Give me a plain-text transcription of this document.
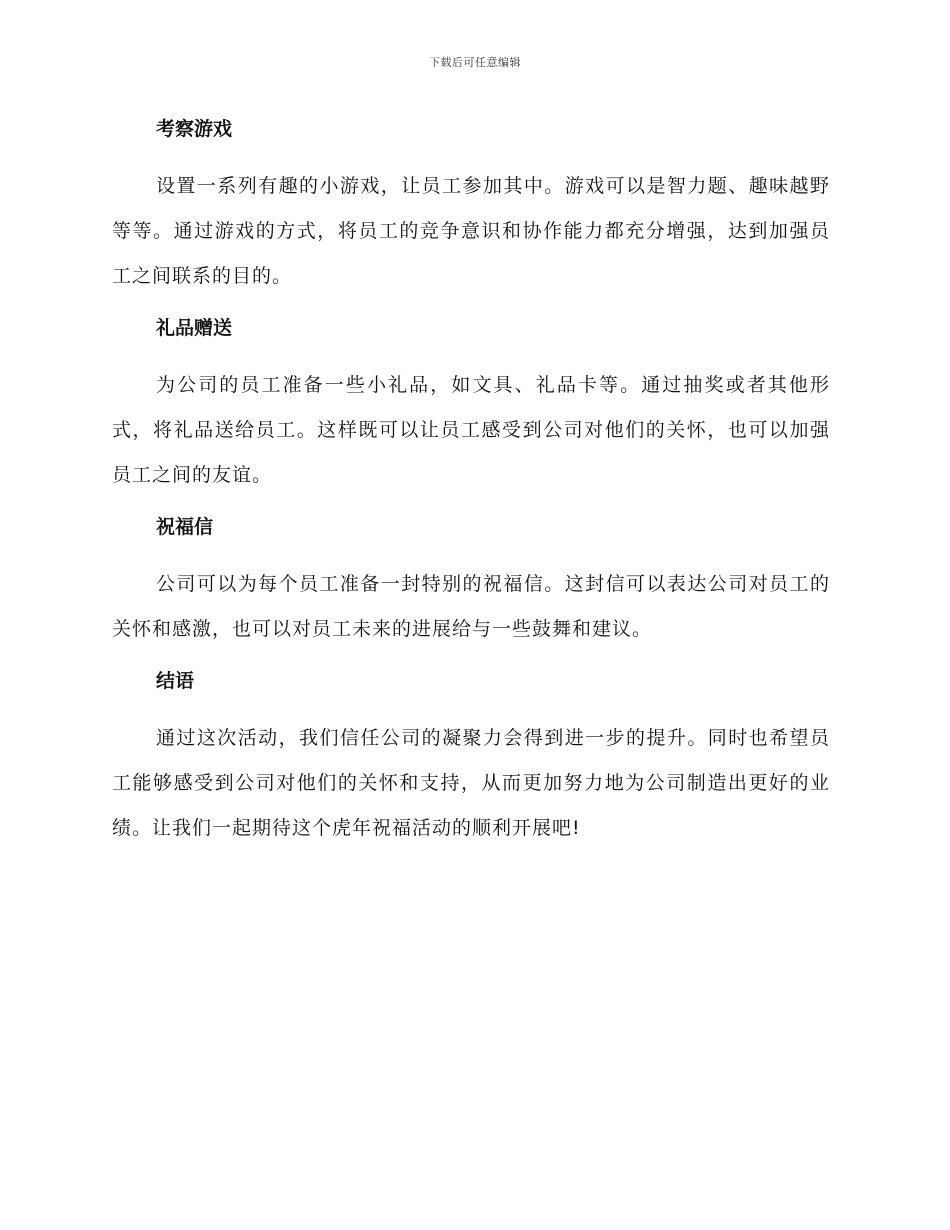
下载后可任意编辑
考察游戏

设置一系列有趣的小游戏，让员工参加其中。游戏可以是智力题、趣味越野等等。通过游戏的方式，将员工的竞争意识和协作能力都充分增强，达到加强员工之间联系的目的。

礼品赠送

为公司的员工准备一些小礼品，如文具、礼品卡等。通过抽奖或者其他形式，将礼品送给员工。这样既可以让员工感受到公司对他们的关怀，也可以加强员工之间的友谊。

祝福信

公司可以为每个员工准备一封特别的祝福信。这封信可以表达公司对员工的关怀和感激，也可以对员工未来的进展给与一些鼓舞和建议。

结语

通过这次活动，我们信任公司的凝聚力会得到进一步的提升。同时也希望员工能够感受到公司对他们的关怀和支持，从而更加努力地为公司制造出更好的业绩。让我们一起期待这个虎年祝福活动的顺利开展吧!
